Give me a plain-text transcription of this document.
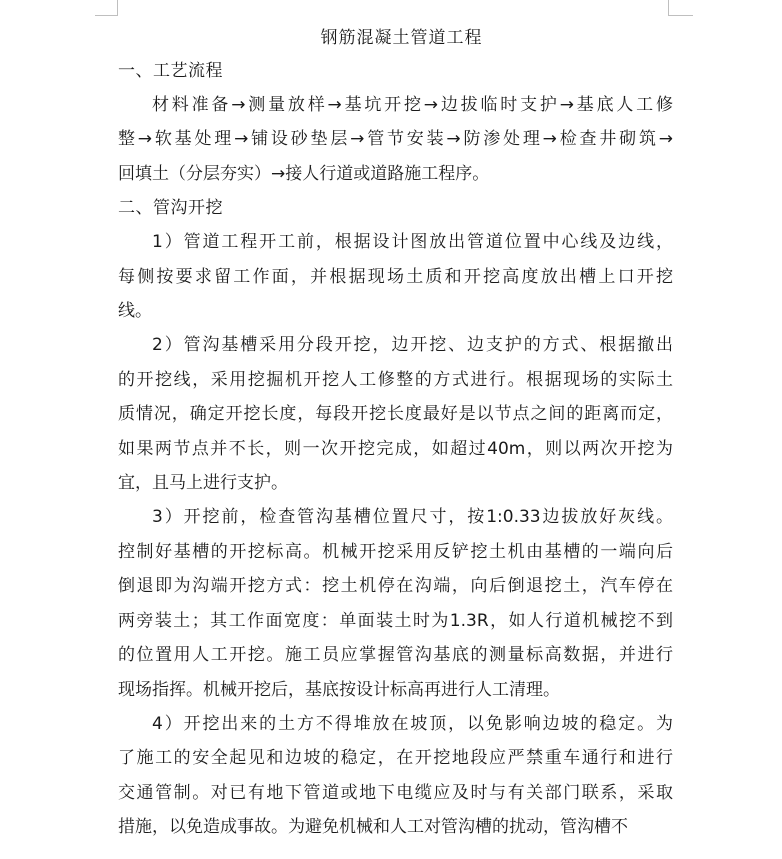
钢筋混凝土管道工程
一、工艺流程
材料准备→测量放样→基坑开挖→边拔临时支护→基底人工修
整→软基处理→铺设砂垫层→管节安装→防渗处理→检查井砌筑→
回填土（分层夯实）→接人行道或道路施工程序。
二、管沟开挖
1）管道工程开工前，根据设计图放出管道位置中心线及边线，
每侧按要求留工作面，并根据现场土质和开挖高度放出槽上口开挖
线。
2）管沟基槽采用分段开挖，边开挖、边支护的方式、根据撤出
的开挖线，采用挖掘机开挖人工修整的方式进行。根据现场的实际土
质情况，确定开挖长度，每段开挖长度最好是以节点之间的距离而定，
如果两节点并不长，则一次开挖完成，如超过40m，则以两次开挖为
宜，且马上进行支护。
3）开挖前，检查管沟基槽位置尺寸，按1:0.33边拔放好灰线。
控制好基槽的开挖标高。机械开挖采用反铲挖土机由基槽的一端向后
倒退即为沟端开挖方式：挖土机停在沟端，向后倒退挖土，汽车停在
两旁装土；其工作面宽度：单面装土时为1.3R，如人行道机械挖不到
的位置用人工开挖。施工员应掌握管沟基底的测量标高数据，并进行
现场指挥。机械开挖后，基底按设计标高再进行人工清理。
4）开挖出来的土方不得堆放在坡顶，以免影响边坡的稳定。为
了施工的安全起见和边坡的稳定，在开挖地段应严禁重车通行和进行
交通管制。对已有地下管道或地下电缆应及时与有关部门联系，采取
措施，以免造成事故。为避免机械和人工对管沟槽的扰动，管沟槽不
